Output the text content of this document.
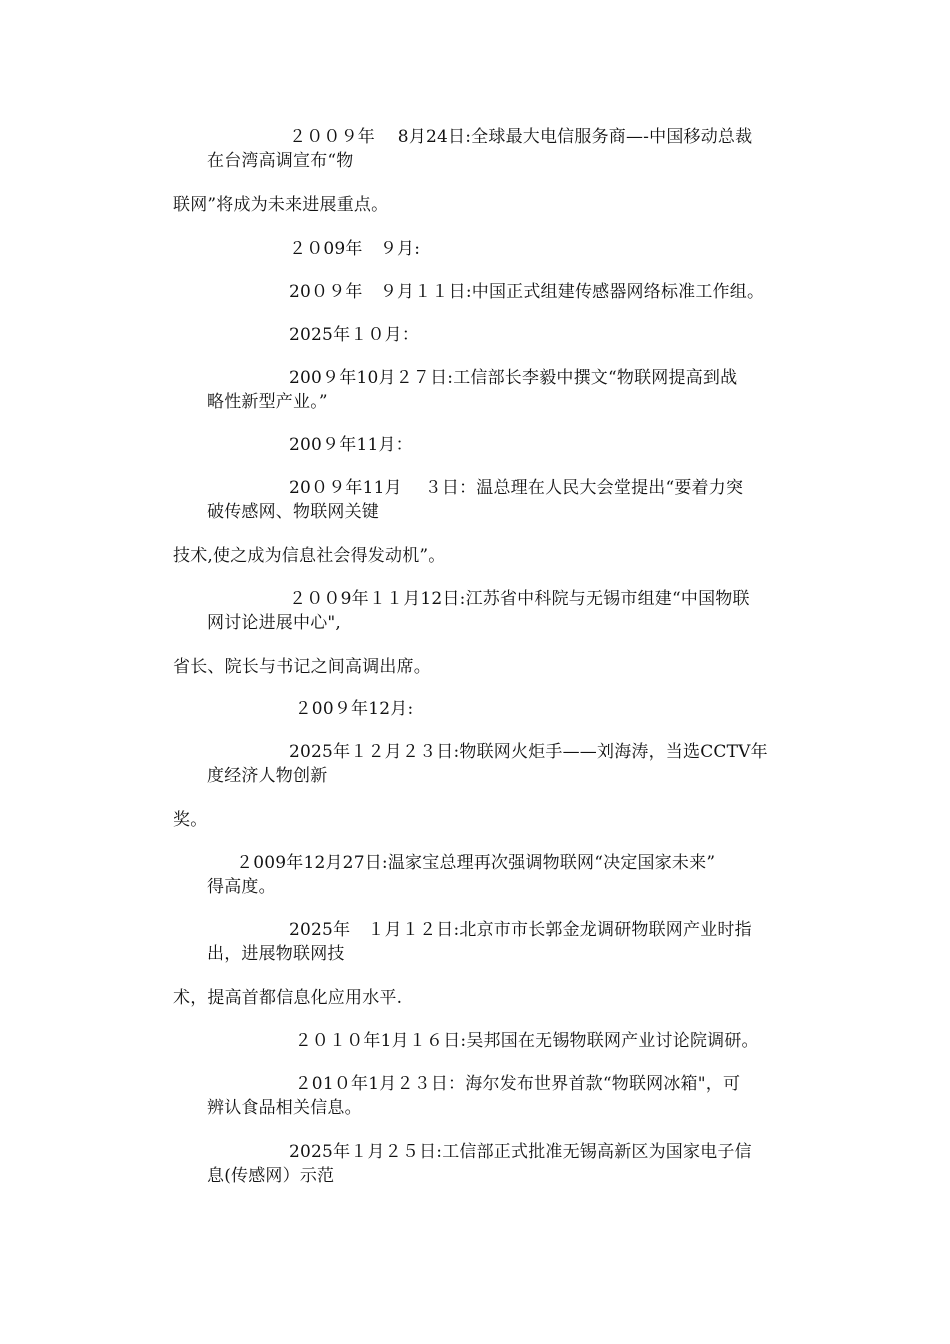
２００９年　 8月24日:全球最大电信服务商—-中国移动总裁
在台湾高调宣布“物
联网”将成为未来进展重点。
２０09年　９月:
20０９年　９月１１日:中国正式组建传感器网络标准工作组。
2025年１０月：
200９年10月２７日:工信部长李毅中撰文“物联网提高到战
略性新型产业。”
200９年11月：
20０９年11月　 ３日：温总理在人民大会堂提出“要着力突
破传感网、物联网关键
技术,使之成为信息社会得发动机”。
２００9年１１月12日:江苏省中科院与无锡市组建“中国物联
网讨论进展中心",
省长、院长与书记之间高调出席。
２00９年12月:
2025年１２月２３日:物联网火炬手——刘海涛，当选CCTV年
度经济人物创新
奖。
２009年12月27日:温家宝总理再次强调物联网“决定国家未来”
得高度。
2025年　１月１２日:北京市市长郭金龙调研物联网产业时指
出，进展物联网技
术，提高首都信息化应用水平.
２０１０年1月１６日:吴邦国在无锡物联网产业讨论院调研。
２01０年1月２３日：海尔发布世界首款“物联网冰箱"，可
辨认食品相关信息。
2025年１月２５日:工信部正式批准无锡高新区为国家电子信
息(传感网）示范
